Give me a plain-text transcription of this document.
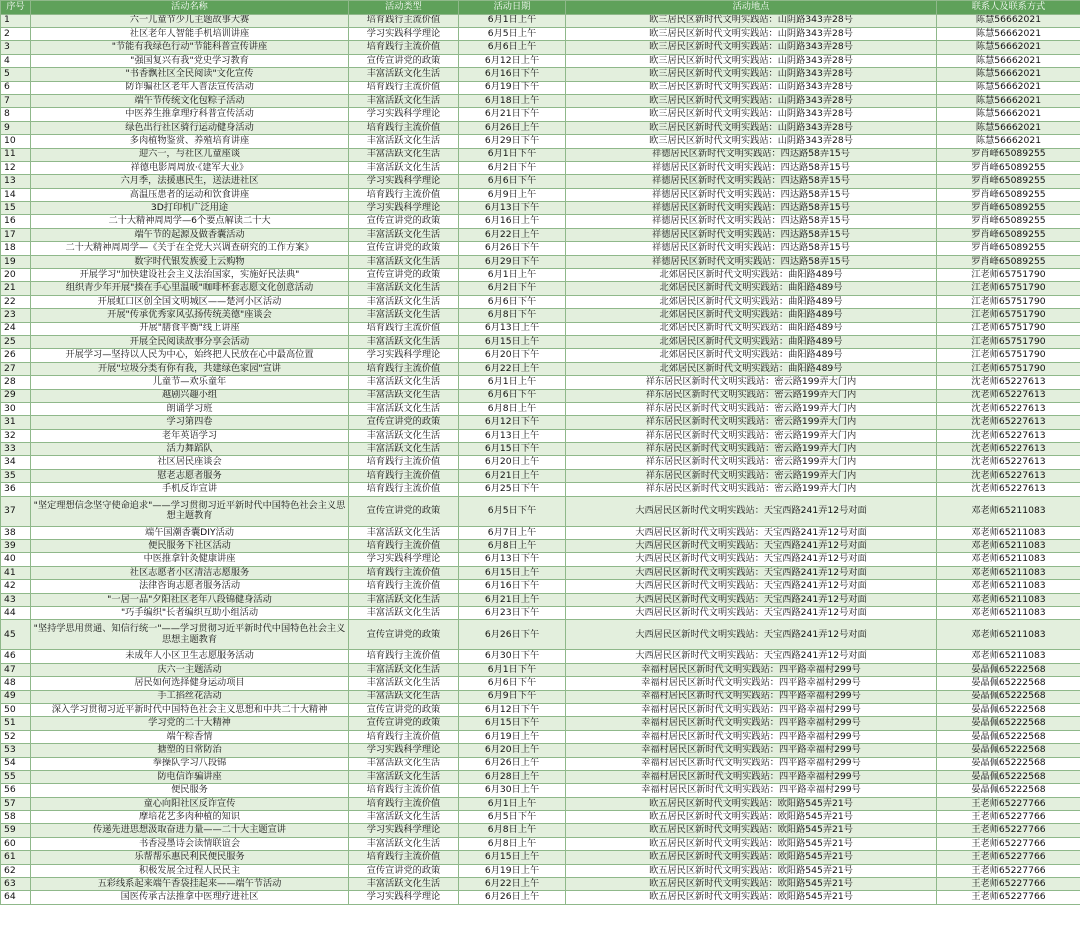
序号	活动名称	活动类型	活动日期	活动地点	联系人及联系方式
1	六一儿童节少儿主题故事大赛	培育践行主流价值	6月1日上午	欧三居民区新时代文明实践站：山阴路343弄28号	陈慧56662021
2	社区老年人智能手机培训讲座	学习实践科学理论	6月5日上午	欧三居民区新时代文明实践站：山阴路343弄28号	陈慧56662021
3	"节能有我绿色行动"节能科普宣传讲座	培育践行主流价值	6月6日上午	欧三居民区新时代文明实践站：山阴路343弄28号	陈慧56662021
4	"强国复兴有我"党史学习教育	宣传宣讲党的政策	6月12日上午	欧三居民区新时代文明实践站：山阴路343弄28号	陈慧56662021
5	"书香飘社区全民阅读"文化宣传	丰富活跃文化生活	6月16日下午	欧三居民区新时代文明实践站：山阴路343弄28号	陈慧56662021
6	防诈骗社区老年人普法宣传活动	培育践行主流价值	6月19日下午	欧三居民区新时代文明实践站：山阴路343弄28号	陈慧56662021
7	端午节传统文化包粽子活动	丰富活跃文化生活	6月18日上午	欧三居民区新时代文明实践站：山阴路343弄28号	陈慧56662021
8	中医养生推拿理疗科普宣传活动	学习实践科学理论	6月21日下午	欧三居民区新时代文明实践站：山阴路343弄28号	陈慧56662021
9	绿色出行社区骑行运动健身活动	培育践行主流价值	6月26日上午	欧三居民区新时代文明实践站：山阴路343弄28号	陈慧56662021
10	多肉植物鉴赏、养殖培育讲座	丰富活跃文化生活	6月29日下午	欧三居民区新时代文明实践站：山阴路343弄28号	陈慧56662021
11	迎六一，与社区儿童座谈	丰富活跃文化生活	6月1日下午	祥德居民区新时代文明实践站：四达路58弄15号	罗肖峰65089255
12	祥德电影周周放·《建军大业》	丰富活跃文化生活	6月2日下午	祥德居民区新时代文明实践站：四达路58弄15号	罗肖峰65089255
13	六月季，法援惠民生，送法进社区	学习实践科学理论	6月6日下午	祥德居民区新时代文明实践站：四达路58弄15号	罗肖峰65089255
14	高温压患者的运动和饮食讲座	培育践行主流价值	6月9日上午	祥德居民区新时代文明实践站：四达路58弄15号	罗肖峰65089255
15	3D打印机广泛用途	学习实践科学理论	6月13日下午	祥德居民区新时代文明实践站：四达路58弄15号	罗肖峰65089255
16	二十大精神周周学—6个要点解读二十大	宣传宣讲党的政策	6月16日上午	祥德居民区新时代文明实践站：四达路58弄15号	罗肖峰65089255
17	端午节的起源及做香囊活动	丰富活跃文化生活	6月22日上午	祥德居民区新时代文明实践站：四达路58弄15号	罗肖峰65089255
18	二十大精神周周学—《关于在全党大兴调查研究的工作方案》	宣传宣讲党的政策	6月26日下午	祥德居民区新时代文明实践站：四达路58弄15号	罗肖峰65089255
19	数字时代银发族爱上云购物	丰富活跃文化生活	6月29日下午	祥德居民区新时代文明实践站：四达路58弄15号	罗肖峰65089255
20	开展学习"加快建设社会主义法治国家，实施好民法典"	宣传宣讲党的政策	6月1日上午	北郊居民区新时代文明实践站：曲阳路489号	江老师65751790
21	组织青少年开展"揍在手心里温暖"咖啡杯套志愿文化创意活动	丰富活跃文化生活	6月2日下午	北郊居民区新时代文明实践站：曲阳路489号	江老师65751790
22	开展虹口区创全国文明城区——楚河小区活动	丰富活跃文化生活	6月6日下午	北郊居民区新时代文明实践站：曲阳路489号	江老师65751790
23	开展"传承优秀家风弘扬传统美德"座谈会	丰富活跃文化生活	6月8日下午	北郊居民区新时代文明实践站：曲阳路489号	江老师65751790
24	开展"膳食平衡"线上讲座	培育践行主流价值	6月13日上午	北郊居民区新时代文明实践站：曲阳路489号	江老师65751790
25	开展全民阅读故事分享会活动	丰富活跃文化生活	6月15日上午	北郊居民区新时代文明实践站：曲阳路489号	江老师65751790
26	开展学习—坚持以人民为中心，始终把人民放在心中最高位置	学习实践科学理论	6月20日下午	北郊居民区新时代文明实践站：曲阳路489号	江老师65751790
27	开展"垃圾分类有你有我，共建绿色家园"宣讲	培育践行主流价值	6月22日上午	北郊居民区新时代文明实践站：曲阳路489号	江老师65751790
28	儿童节—欢乐童年	丰富活跃文化生活	6月1日上午	祥东居民区新时代文明实践站：密云路199弄大门内	沈老师65227613
29	越剧兴趣小组	丰富活跃文化生活	6月6日下午	祥东居民区新时代文明实践站：密云路199弄大门内	沈老师65227613
30	朗诵学习班	丰富活跃文化生活	6月8日上午	祥东居民区新时代文明实践站：密云路199弄大门内	沈老师65227613
31	学习第四卷	宣传宣讲党的政策	6月12日下午	祥东居民区新时代文明实践站：密云路199弄大门内	沈老师65227613
32	老年英语学习	丰富活跃文化生活	6月13日上午	祥东居民区新时代文明实践站：密云路199弄大门内	沈老师65227613
33	活力舞蹈队	丰富活跃文化生活	6月15日下午	祥东居民区新时代文明实践站：密云路199弄大门内	沈老师65227613
34	社区居民座谈会	培育践行主流价值	6月20日上午	祥东居民区新时代文明实践站：密云路199弄大门内	沈老师65227613
35	慰老志愿者服务	培育践行主流价值	6月21日上午	祥东居民区新时代文明实践站：密云路199弄大门内	沈老师65227613
36	手机反诈宣讲	培育践行主流价值	6月25日下午	祥东居民区新时代文明实践站：密云路199弄大门内	沈老师65227613
37	"坚定理想信念坚守使命追求"——学习贯彻习近平新时代中国特色社会主义思想主题教育	宣传宣讲党的政策	6月5日下午	大西居民区新时代文明实践站：天宝西路241弄12号对面	邓老师65211083
38	端午国潮香囊DIY活动	丰富活跃文化生活	6月7日上午	大西居民区新时代文明实践站：天宝西路241弄12号对面	邓老师65211083
39	便民服务下社区活动	培育践行主流价值	6月8日上午	大西居民区新时代文明实践站：天宝西路241弄12号对面	邓老师65211083
40	中医推拿针灸健康讲座	学习实践科学理论	6月13日下午	大西居民区新时代文明实践站：天宝西路241弄12号对面	邓老师65211083
41	社区志愿者小区清洁志愿服务	培育践行主流价值	6月15日上午	大西居民区新时代文明实践站：天宝西路241弄12号对面	邓老师65211083
42	法律咨询志愿者服务活动	培育践行主流价值	6月16日下午	大西居民区新时代文明实践站：天宝西路241弄12号对面	邓老师65211083
43	"一居一品"夕阳社区老年八段锦健身活动	丰富活跃文化生活	6月21日上午	大西居民区新时代文明实践站：天宝西路241弄12号对面	邓老师65211083
44	"巧手编织"长者编织互助小组活动	丰富活跃文化生活	6月23日下午	大西居民区新时代文明实践站：天宝西路241弄12号对面	邓老师65211083
45	"坚持学思用贯通、知信行统一"——学习贯彻习近平新时代中国特色社会主义思想主题教育	宣传宣讲党的政策	6月26日下午	大西居民区新时代文明实践站：天宝西路241弄12号对面	邓老师65211083
46	未成年人小区卫生志愿服务活动	培育践行主流价值	6月30日下午	大西居民区新时代文明实践站：天宝西路241弄12号对面	邓老师65211083
47	庆六一主题活动	丰富活跃文化生活	6月1日下午	幸福村居民区新时代文明实践站：四平路幸福村299号	晏晶佩65222568
48	居民如何选择健身运动项目	丰富活跃文化生活	6月6日下午	幸福村居民区新时代文明实践站：四平路幸福村299号	晏晶佩65222568
49	手工掐丝花活动	丰富活跃文化生活	6月9日下午	幸福村居民区新时代文明实践站：四平路幸福村299号	晏晶佩65222568
50	深入学习贯彻习近平新时代中国特色社会主义思想和中共二十大精神	宣传宣讲党的政策	6月12日下午	幸福村居民区新时代文明实践站：四平路幸福村299号	晏晶佩65222568
51	学习党的二十大精神	宣传宣讲党的政策	6月15日下午	幸福村居民区新时代文明实践站：四平路幸福村299号	晏晶佩65222568
52	端午粽香情	培育践行主流价值	6月19日上午	幸福村居民区新时代文明实践站：四平路幸福村299号	晏晶佩65222568
53	搪塑的日常防治	学习实践科学理论	6月20日上午	幸福村居民区新时代文明实践站：四平路幸福村299号	晏晶佩65222568
54	拳操队学习八段锦	丰富活跃文化生活	6月26日上午	幸福村居民区新时代文明实践站：四平路幸福村299号	晏晶佩65222568
55	防电信诈骗讲座	丰富活跃文化生活	6月28日上午	幸福村居民区新时代文明实践站：四平路幸福村299号	晏晶佩65222568
56	便民服务	培育践行主流价值	6月30日上午	幸福村居民区新时代文明实践站：四平路幸福村299号	晏晶佩65222568
57	童心向阳社区反诈宣传	培育践行主流价值	6月1日上午	欧五居民区新时代文明实践站：欧阳路545弄21号	王老师65227766
58	摩培花艺多肉种植的知识	丰富活跃文化生活	6月5日下午	欧五居民区新时代文明实践站：欧阳路545弄21号	王老师65227766
59	传递先进思想汲取奋进力量——二十大主题宣讲	学习实践科学理论	6月8日上午	欧五居民区新时代文明实践站：欧阳路545弄21号	王老师65227766
60	书香浸墨诗会读情联谊会	丰富活跃文化生活	6月8日上午	欧五居民区新时代文明实践站：欧阳路545弄21号	王老师65227766
61	乐帮帮乐惠民利民便民服务	培育践行主流价值	6月15日上午	欧五居民区新时代文明实践站：欧阳路545弄21号	王老师65227766
62	积极发展全过程人民民主	宣传宣讲党的政策	6月19日上午	欧五居民区新时代文明实践站：欧阳路545弄21号	王老师65227766
63	五彩线系起来端午香袋挂起来——端午节活动	丰富活跃文化生活	6月22日上午	欧五居民区新时代文明实践站：欧阳路545弄21号	王老师65227766
64	国医传承古法推拿中医理疗进社区	学习实践科学理论	6月26日上午	欧五居民区新时代文明实践站：欧阳路545弄21号	王老师65227766
